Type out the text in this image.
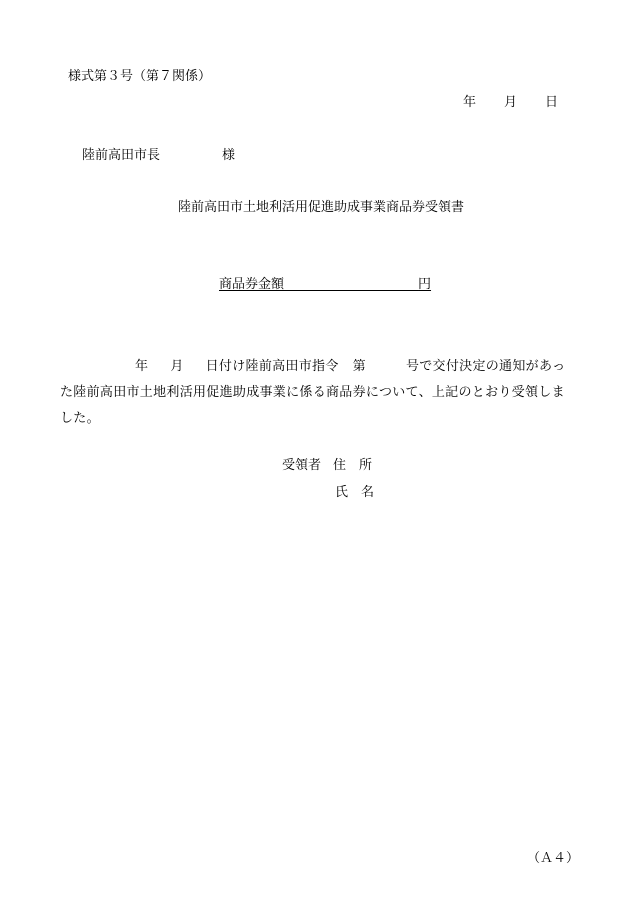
様式第３号（第７関係）
年 月 日
陸前高田市長	様
陸前高田市土地利活用促進助成事業商品券受領書
商品券金額	円
年 月 日付け陸前高田市指令 第	号で交付決定の通知があっ
た陸前高田市土地利活用促進助成事業に係る商品券について、上記のとおり受領しま
した。
受領者 住　所
氏　名
（Ａ４）
